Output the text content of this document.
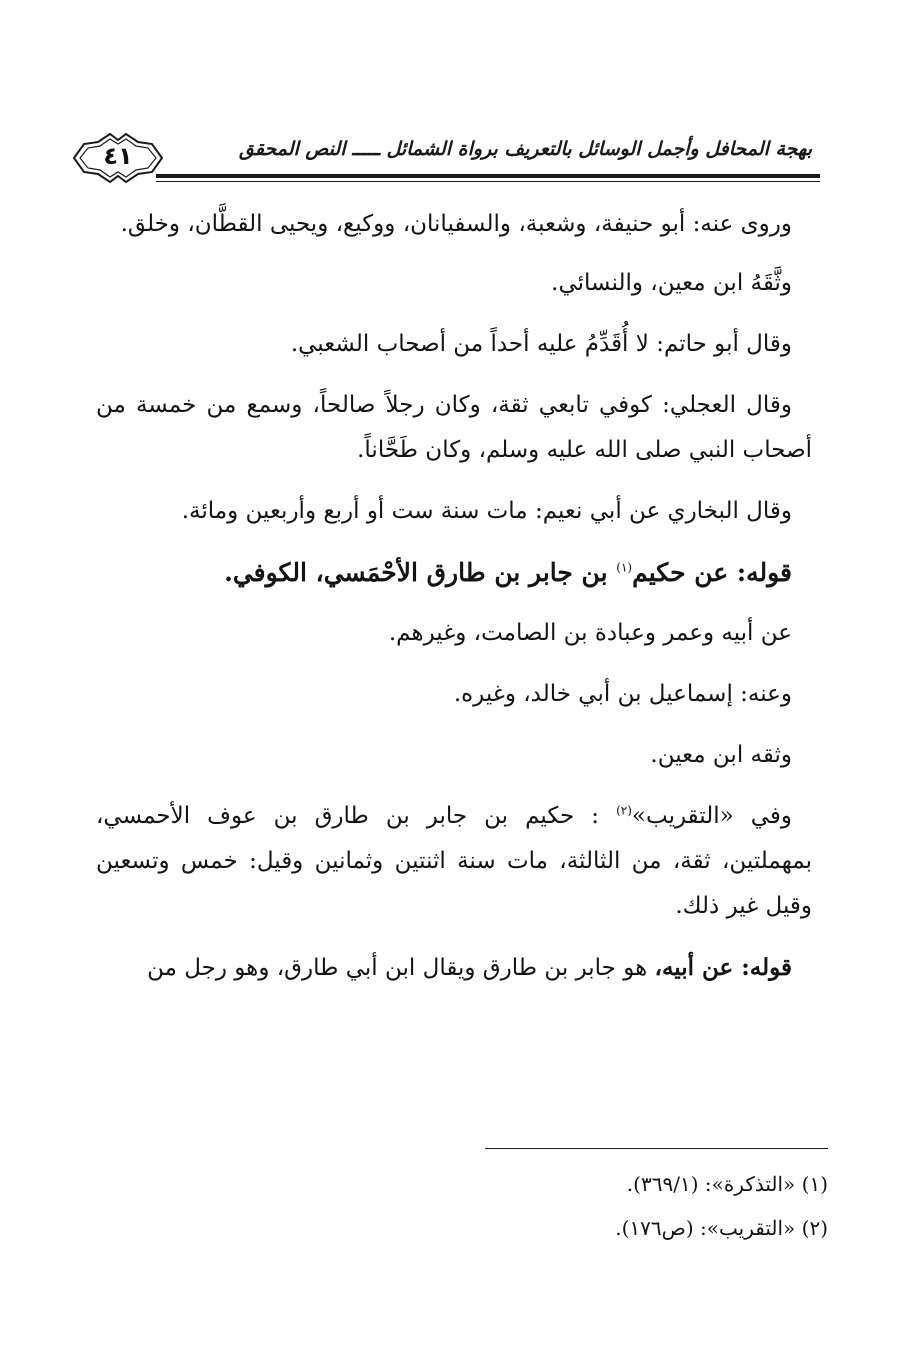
٤١	بهجة المحافل وأجمل الوسائل بالتعريف برواة الشمائل ـــــ النص المحقق

وروى عنه: أبو حنيفة، وشعبة، والسفيانان، ووكيع، ويحيى القطَّان، وخلق.

وثَّقَهُ ابن معين، والنسائي.

وقال أبو حاتم: لا أُقَدِّمُ عليه أحداً من أصحاب الشعبي.

وقال العجلي: كوفي تابعي ثقة، وكان رجلاً صالحاً، وسمع من خمسة من أصحاب النبي صلى الله عليه وسلم، وكان طَحَّاناً.

وقال البخاري عن أبي نعيم: مات سنة ست أو أربع وأربعين ومائة.

قوله: عن حكيم$^{(١)}$ بن جابر بن طارق الأحْمَسي، الكوفي.

عن أبيه وعمر وعبادة بن الصامت، وغيرهم.

وعنه: إسماعيل بن أبي خالد، وغيره.

وثقه ابن معين.

وفي «التقريب»$^{(٢)}$ : حكيم بن جابر بن طارق بن عوف الأحمسي، بمهملتين، ثقة، من الثالثة، مات سنة اثنتين وثمانين وقيل: خمس وتسعين وقيل غير ذلك.

قوله: عن أبيه، هو جابر بن طارق ويقال ابن أبي طارق، وهو رجل من

(١) «التذكرة»: (٣٦٩/١).

(٢) «التقريب»: (ص١٧٦).
